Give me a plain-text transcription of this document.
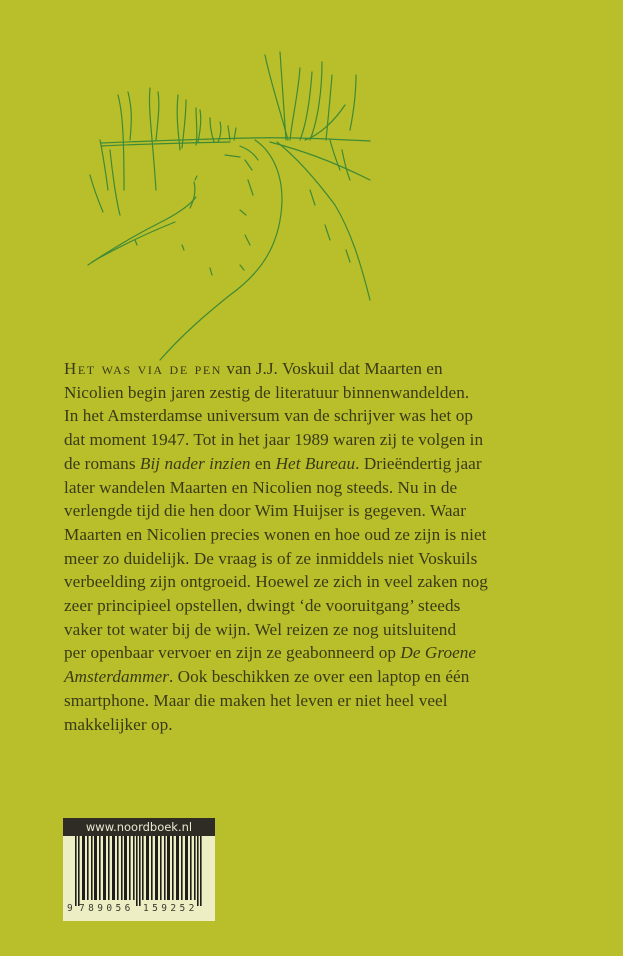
Het was via de pen van J.J. Voskuil dat Maarten en
Nicolien begin jaren zestig de literatuur binnenwandelden.
In het Amsterdamse universum van de schrijver was het op
dat moment 1947. Tot in het jaar 1989 waren zij te volgen in
de romans Bij nader inzien en Het Bureau. Drieëndertig jaar
later wandelen Maarten en Nicolien nog steeds. Nu in de
verlengde tijd die hen door Wim Huijser is gegeven. Waar
Maarten en Nicolien precies wonen en hoe oud ze zijn is niet
meer zo duidelijk. De vraag is of ze inmiddels niet Voskuils
verbeelding zijn ontgroeid. Hoewel ze zich in veel zaken nog
zeer principieel opstellen, dwingt ‘de vooruitgang’ steeds
vaker tot water bij de wijn. Wel reizen ze nog uitsluitend
per openbaar vervoer en zijn ze geabonneerd op De Groene
Amsterdammer. Ook beschikken ze over een laptop en één
smartphone. Maar die maken het leven er niet heel veel
makkelijker op.
www.noordboek.nl
9 789056 159252
